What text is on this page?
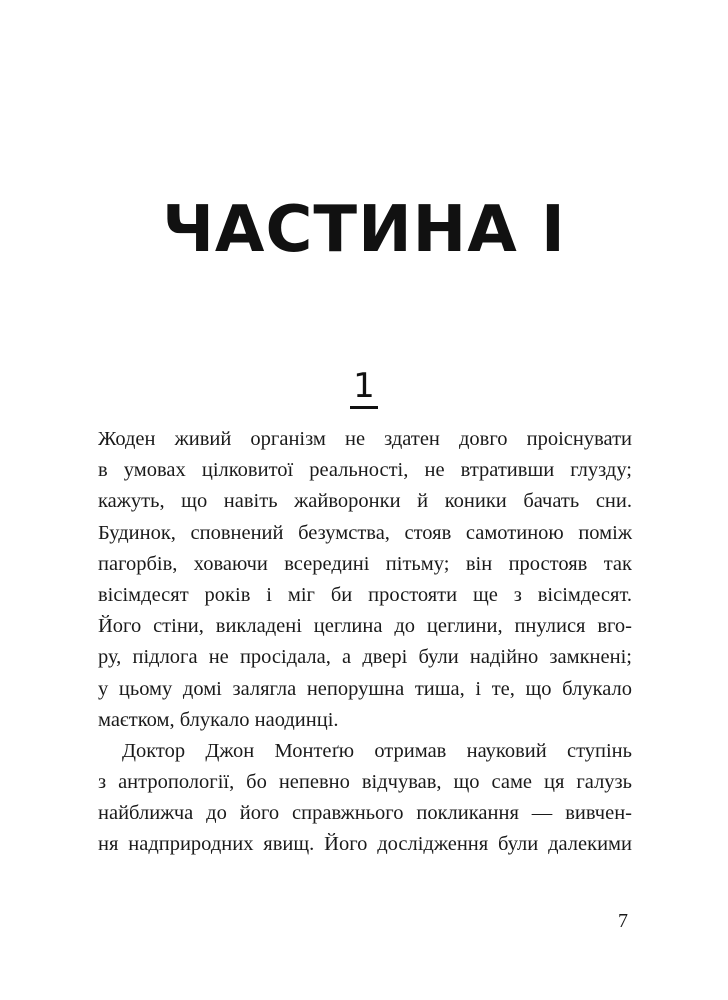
ЧАСТИНА І
1
Жоден живий організм не здатен довго проіснувати
в умовах цілковитої реальності, не втративши глузду;
кажуть, що навіть жайворонки й коники бачать сни.
Будинок, сповнений безумства, стояв самотиною поміж
пагорбів, ховаючи всередині пітьму; він простояв так
вісімдесят років і міг би простояти ще з вісімдесят.
Його стіни, викладені цеглина до цеглини, пнулися вго-
ру, підлога не просідала, а двері були надійно замкнені;
у цьому домі залягла непорушна тиша, і те, що блукало
маєтком, блукало наодинці.
Доктор Джон Монтеґю отримав науковий ступінь
з антропології, бо непевно відчував, що саме ця галузь
найближча до його справжнього покликання — вивчен-
ня надприродних явищ. Його дослідження були далекими
7
